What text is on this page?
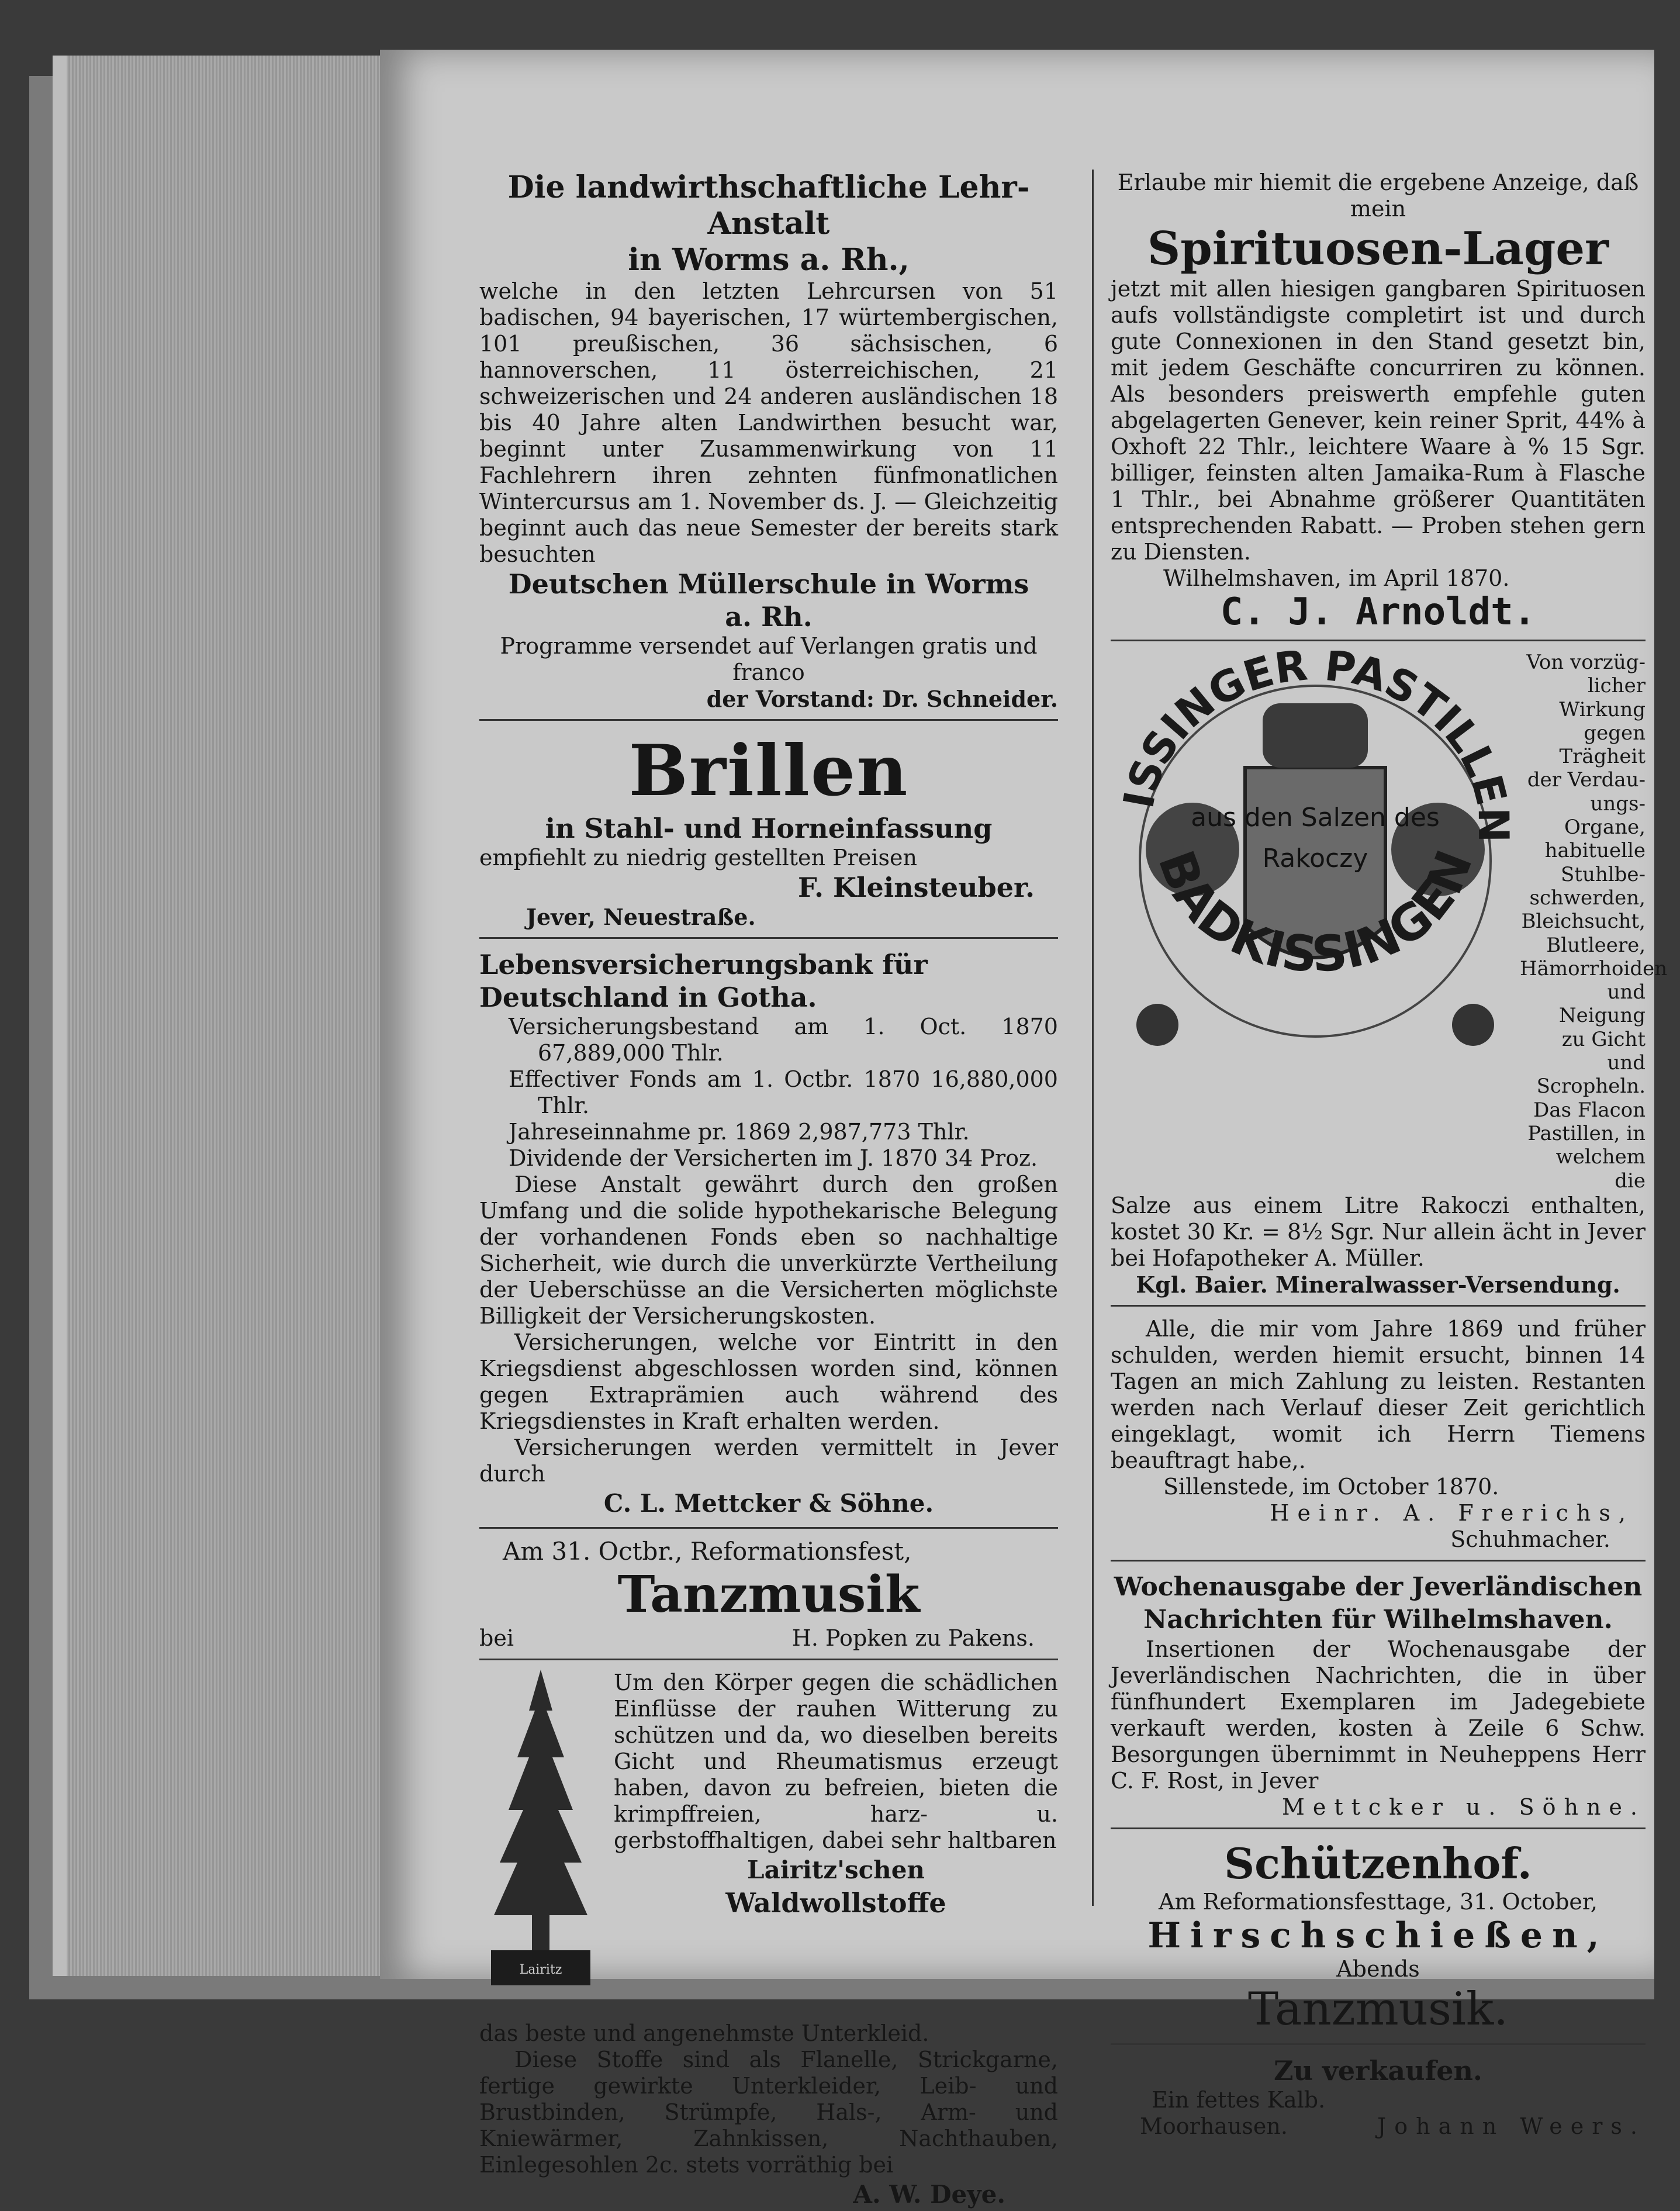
Die landwirthschaftliche Lehr-Anstalt

in Worms a. Rh.,

welche in den letzten Lehrcursen von 51 badischen, 94 bayerischen, 17 würtembergischen, 101 preußischen, 36 sächsischen, 6 hannoverschen, 11 österreichischen, 21 schweizerischen und 24 anderen ausländischen 18 bis 40 Jahre alten Landwirthen besucht war, beginnt unter Zusammenwirkung von 11 Fachlehrern ihren zehnten fünfmonatlichen Wintercursus am 1. November ds. J. — Gleichzeitig beginnt auch das neue Semester der bereits stark besuchten

Deutschen Müllerschule in Worms

a. Rh.

Programme versendet auf Verlangen gratis und franco

der Vorstand: Dr. Schneider.

Brillen

in Stahl- und Horneinfassung

empfiehlt zu niedrig gestellten Preisen

F. Kleinsteuber.

Jever, Neuestraße.

Lebensversicherungsbank für Deutschland in Gotha.

Versicherungsbestand am 1. Oct. 1870 67,889,000 Thlr.

Effectiver Fonds am 1. Octbr. 1870 16,880,000 Thlr.

Jahreseinnahme pr. 1869 2,987,773 Thlr.

Dividende der Versicherten im J. 1870 34 Proz.

Diese Anstalt gewährt durch den großen Umfang und die solide hypothekarische Belegung der vorhandenen Fonds eben so nachhaltige Sicherheit, wie durch die unverkürzte Vertheilung der Ueberschüsse an die Versicherten möglichste Billigkeit der Versicherungskosten.

Versicherungen, welche vor Eintritt in den Kriegsdienst abgeschlossen worden sind, können gegen Extraprämien auch während des Kriegsdienstes in Kraft erhalten werden.

Versicherungen werden vermittelt in Jever durch

C. L. Mettcker & Söhne.

Am 31. Octbr., Reformationsfest,

Tanzmusik

bei	H. Popken zu Pakens.
Lairitz

Um den Körper gegen die schädlichen Einflüsse der rauhen Witterung zu schützen und da, wo dieselben bereits Gicht und Rheumatismus erzeugt haben, davon zu befreien, bieten die krimpffreien, harz- u. gerbstoffhaltigen, dabei sehr haltbaren

Lairitz'schen

Waldwollstoffe

das beste und angenehmste Unterkleid.

Diese Stoffe sind als Flanelle, Strickgarne, fertige gewirkte Unterkleider, Leib- und Brustbinden, Strümpfe, Hals-, Arm- und Kniewärmer, Zahnkissen, Nachthauben, Einlegesohlen 2c. stets vorräthig bei

A. W. Deye.

Erlaube mir hiemit die ergebene Anzeige, daß mein

Spirituosen-Lager

jetzt mit allen hiesigen gangbaren Spirituosen aufs vollständigste completirt ist und durch gute Connexionen in den Stand gesetzt bin, mit jedem Geschäfte concurriren zu können. Als besonders preiswerth empfehle guten abgelagerten Genever, kein reiner Sprit, 44% à Oxhoft 22 Thlr., leichtere Waare à % 15 Sgr. billiger, feinsten alten Jamaika-Rum à Flasche 1 Thlr., bei Abnahme größerer Quantitäten entsprechenden Rabatt. — Proben stehen gern zu Diensten.

Wilhelmshaven, im April 1870.

C. J. Arnoldt.

ISSINGER PASTILLEN
aus den Salzen des
Rakoczy
BADKISSINGEN

Von vorzüg-

licher Wirkung

gegen Trägheit

der Verdau-

ungs-Organe,

habituelle

Stuhlbe-

schwerden,

Bleichsucht,

Blutleere,

Hämorrhoiden

und Neigung

zu Gicht und

Scropheln.

Das Flacon

Pastillen, in

welchem die

Salze aus einem Litre Rakoczi enthalten, kostet 30 Kr. = 8½ Sgr. Nur allein ächt in Jever bei Hofapotheker A. Müller.

Kgl. Baier. Mineralwasser-Versendung.

Alle, die mir vom Jahre 1869 und früher schulden, werden hiemit ersucht, binnen 14 Tagen an mich Zahlung zu leisten. Restanten werden nach Verlauf dieser Zeit gerichtlich eingeklagt, womit ich Herrn Tiemens beauftragt habe,.

Sillenstede, im October 1870.

Heinr. A. Frerichs,

Schuhmacher.

Wochenausgabe der Jeverländischen Nachrichten für Wilhelmshaven.

Insertionen der Wochenausgabe der Jeverländischen Nachrichten, die in über fünfhundert Exemplaren im Jadegebiete verkauft werden, kosten à Zeile 6 Schw. Besorgungen übernimmt in Neuheppens Herr C. F. Rost, in Jever

Mettcker u. Söhne.

Schützenhof.

Am Reformationsfesttage, 31. October,

Hirschschießen,

Abends

Tanzmusik.

Zu verkaufen.

Ein fettes Kalb.

Moorhausen.	Johann Weers.
